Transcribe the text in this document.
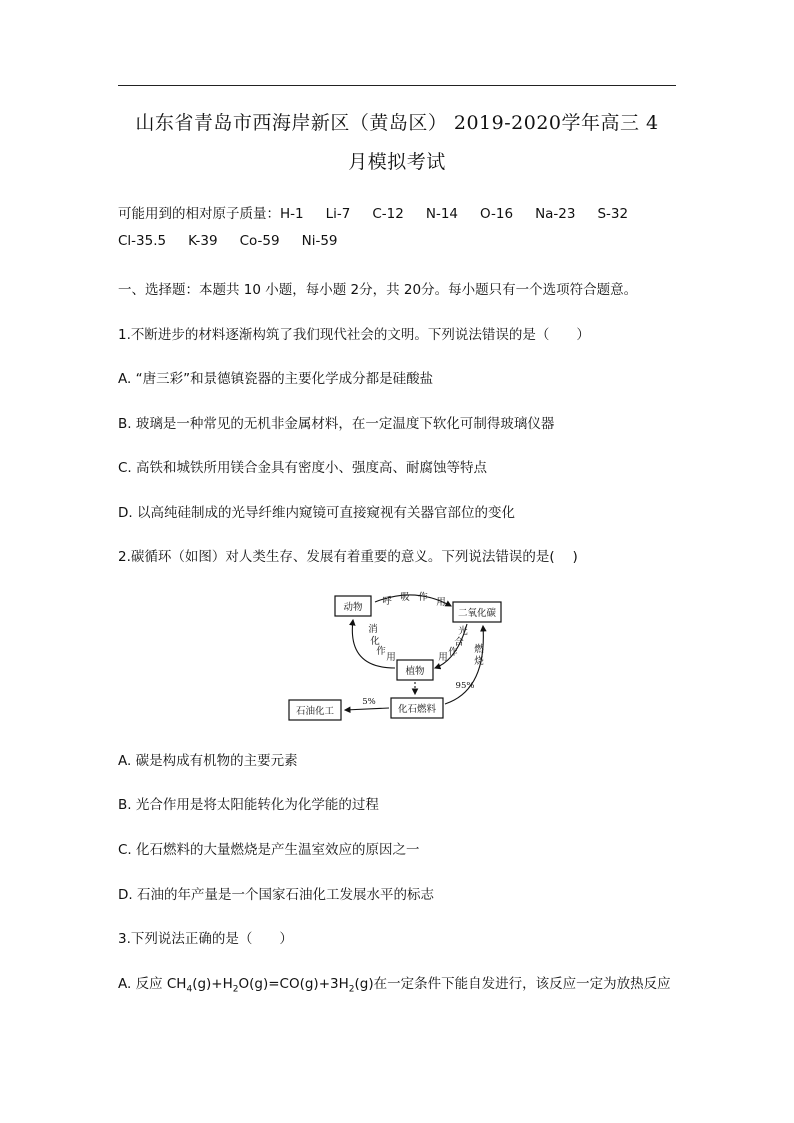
山东省青岛市西海岸新区（黄岛区） 2019-2020学年高三 4
月模拟考试
可能用到的相对原子质量：H-1 Li-7 C-12 N-14 O-16 Na-23 S-32
Cl-35.5 K-39 Co-59 Ni-59
一、选择题：本题共 10 小题，每小题 2分，共 20分。每小题只有一个选项符合题意。
1.不断进步的材料逐渐构筑了我们现代社会的文明。下列说法错误的是（　　）
A. “唐三彩”和景德镇瓷器的主要化学成分都是硅酸盐
B. 玻璃是一种常见的无机非金属材料，在一定温度下软化可制得玻璃仪器
C. 高铁和城铁所用镁合金具有密度小、强度高、耐腐蚀等特点
D. 以高纯硅制成的光导纤维内窥镜可直接窥视有关器官部位的变化
2.碳循环（如图）对人类生存、发展有着重要的意义。下列说法错误的是(　 )
动物
二氧化碳
植物
化石燃料
石油化工
呼 吸 作 用
消
化
作
用
光
合
作
用
燃
烧
5%
95%
A. 碳是构成有机物的主要元素
B. 光合作用是将太阳能转化为化学能的过程
C. 化石燃料的大量燃烧是产生温室效应的原因之一
D. 石油的年产量是一个国家石油化工发展水平的标志
3.下列说法正确的是（　　）
A. 反应 $CH_4(g)+H_2O(g)=CO(g)+3H_2(g)$在一定条件下能自发进行，该反应一定为放热反应
